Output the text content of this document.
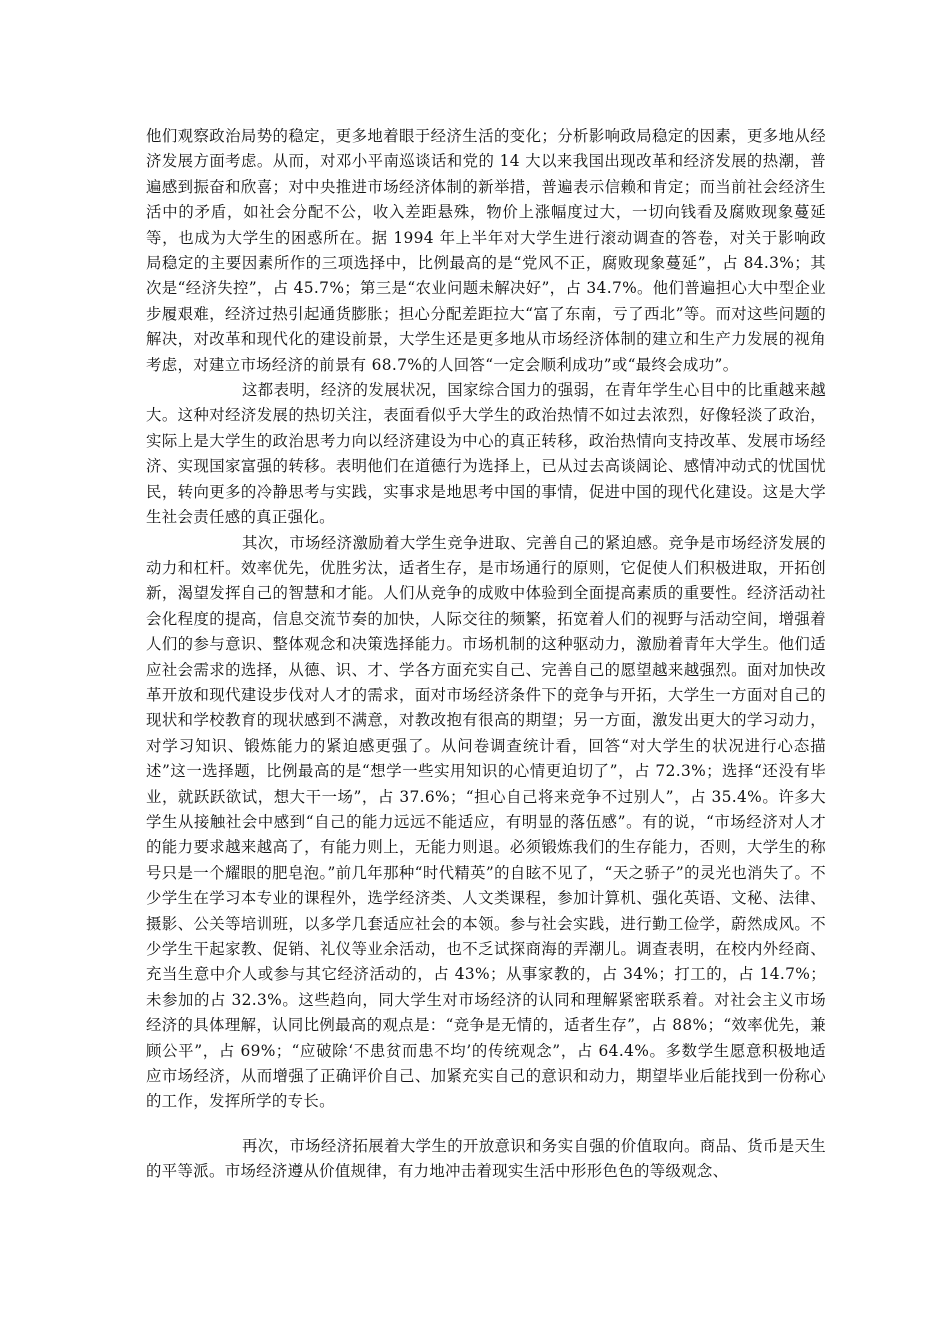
他们观察政治局势的稳定，更多地着眼于经济生活的变化；分析影响政局稳定的因素，更多地从经济发展方面考虑。从而，对邓小平南巡谈话和党的 14 大以来我国出现改革和经济发展的热潮，普遍感到振奋和欣喜；对中央推进市场经济体制的新举措，普遍表示信赖和肯定；而当前社会经济生活中的矛盾，如社会分配不公，收入差距悬殊，物价上涨幅度过大，一切向钱看及腐败现象蔓延等，也成为大学生的困惑所在。据 1994 年上半年对大学生进行滚动调查的答卷，对关于影响政局稳定的主要因素所作的三项选择中，比例最高的是“党风不正，腐败现象蔓延”，占 84.3%；其次是“经济失控”，占 45.7%；第三是“农业问题未解决好”，占 34.7%。他们普遍担心大中型企业步履艰难，经济过热引起通货膨胀；担心分配差距拉大“富了东南，亏了西北”等。而对这些问题的解决，对改革和现代化的建设前景，大学生还是更多地从市场经济体制的建立和生产力发展的视角考虑，对建立市场经济的前景有 68.7%的人回答“一定会顺利成功”或“最终会成功”。

这都表明，经济的发展状况，国家综合国力的强弱，在青年学生心目中的比重越来越大。这种对经济发展的热切关注，表面看似乎大学生的政治热情不如过去浓烈，好像轻淡了政治，实际上是大学生的政治思考力向以经济建设为中心的真正转移，政治热情向支持改革、发展市场经济、实现国家富强的转移。表明他们在道德行为选择上，已从过去高谈阔论、感情冲动式的忧国忧民，转向更多的冷静思考与实践，实事求是地思考中国的事情，促进中国的现代化建设。这是大学生社会责任感的真正强化。

其次，市场经济激励着大学生竞争进取、完善自己的紧迫感。竞争是市场经济发展的动力和杠杆。效率优先，优胜劣汰，适者生存，是市场通行的原则，它促使人们积极进取，开拓创新，渴望发挥自己的智慧和才能。人们从竞争的成败中体验到全面提高素质的重要性。经济活动社会化程度的提高，信息交流节奏的加快，人际交往的频繁，拓宽着人们的视野与活动空间，增强着人们的参与意识、整体观念和决策选择能力。市场机制的这种驱动力，激励着青年大学生。他们适应社会需求的选择，从德、识、才、学各方面充实自己、完善自己的愿望越来越强烈。面对加快改革开放和现代建设步伐对人才的需求，面对市场经济条件下的竞争与开拓，大学生一方面对自己的现状和学校教育的现状感到不满意，对教改抱有很高的期望；另一方面，激发出更大的学习动力，对学习知识、锻炼能力的紧迫感更强了。从问卷调查统计看，回答“对大学生的状况进行心态描述”这一选择题，比例最高的是“想学一些实用知识的心情更迫切了”，占 72.3%；选择“还没有毕业，就跃跃欲试，想大干一场”，占 37.6%；“担心自己将来竞争不过别人”，占 35.4%。许多大学生从接触社会中感到“自己的能力远远不能适应，有明显的落伍感”。有的说，“市场经济对人才的能力要求越来越高了，有能力则上，无能力则退。必须锻炼我们的生存能力，否则，大学生的称号只是一个耀眼的肥皂泡。”前几年那种“时代精英”的自眩不见了，“天之骄子”的灵光也消失了。不少学生在学习本专业的课程外，选学经济类、人文类课程，参加计算机、强化英语、文秘、法律、摄影、公关等培训班，以多学几套适应社会的本领。参与社会实践，进行勤工俭学，蔚然成风。不少学生干起家教、促销、礼仪等业余活动，也不乏试探商海的弄潮儿。调查表明，在校内外经商、充当生意中介人或参与其它经济活动的，占 43%；从事家教的，占 34%；打工的，占 14.7%；未参加的占 32.3%。这些趋向，同大学生对市场经济的认同和理解紧密联系着。对社会主义市场经济的具体理解，认同比例最高的观点是：“竞争是无情的，适者生存”，占 88%；“效率优先，兼顾公平”，占 69%；“应破除‘不患贫而患不均’的传统观念”，占 64.4%。多数学生愿意积极地适应市场经济，从而增强了正确评价自己、加紧充实自己的意识和动力，期望毕业后能找到一份称心的工作，发挥所学的专长。

再次，市场经济拓展着大学生的开放意识和务实自强的价值取向。商品、货币是天生的平等派。市场经济遵从价值规律，有力地冲击着现实生活中形形色色的等级观念、
